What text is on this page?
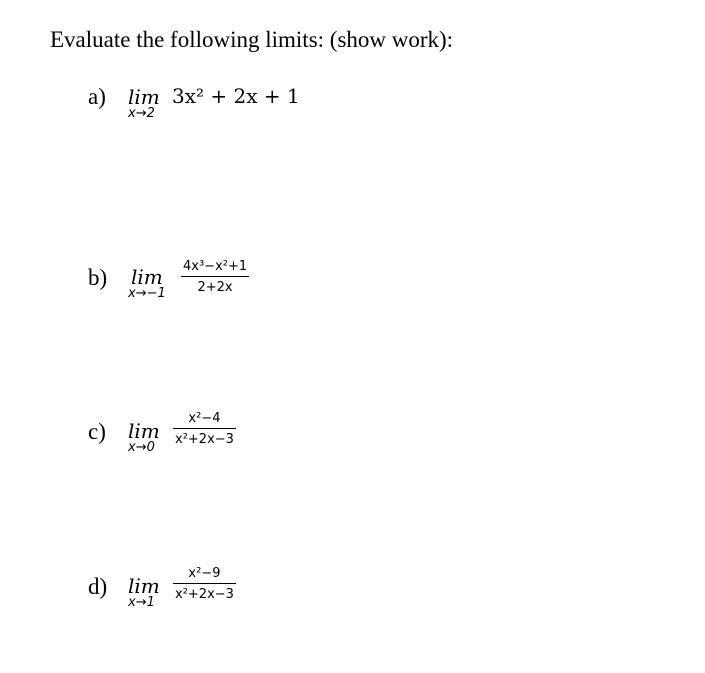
Evaluate the following limits: (show work):
a) lim
x→2
3x² + 2x + 1
b) lim
x→−1
4x³−x²+1
2+2x
c) lim
x→0
x²−4
x²+2x−3
d) lim
x→1
x²−9
x²+2x−3
